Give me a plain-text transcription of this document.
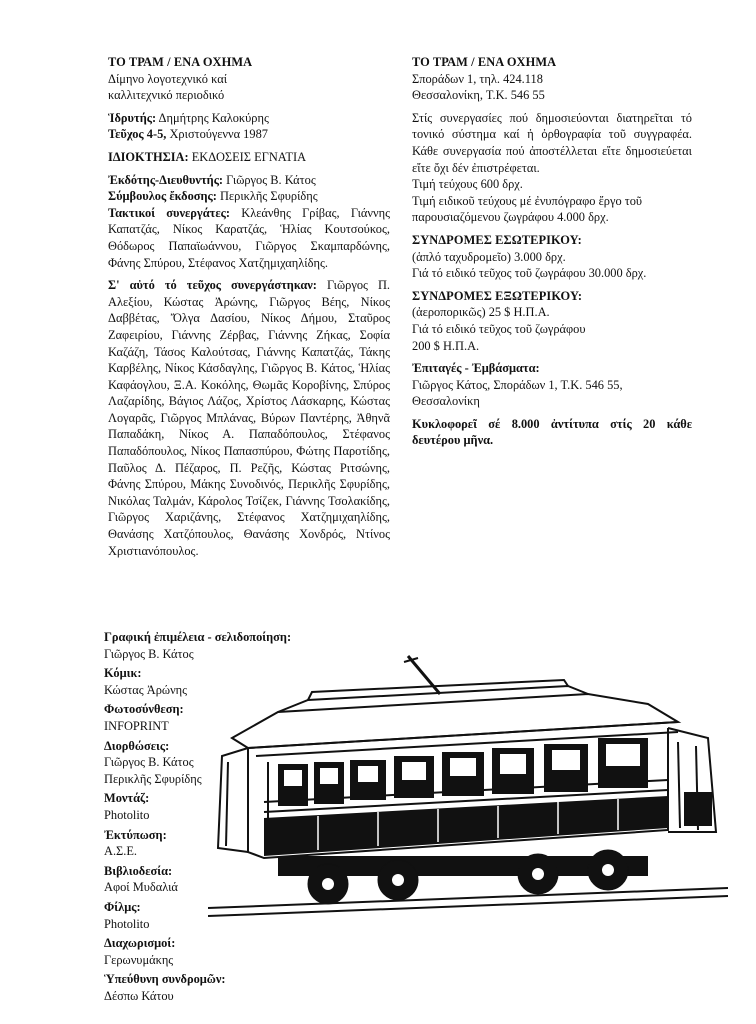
ΤΟ ΤΡΑΜ / ΕΝΑ ΟΧΗΜΑ

Δίμηνο λογοτεχνικό καί

καλλιτεχνικό περιοδικό

Ἱδρυτής: Δημήτρης Καλοκύρης

Τεῦχος 4-5, Χριστούγεννα 1987

ΙΔΙΟΚΤΗΣΙΑ: ΕΚΔΟΣΕΙΣ ΕΓΝΑΤΙΑ

Ἐκδότης-Διευθυντής: Γιῶργος Β. Κάτος

Σύμβουλος ἔκδοσης: Περικλῆς Σφυρίδης

Τακτικοί συνεργάτες: Κλεάνθης Γρίβας, Γιάννης Καπατζάς, Νίκος Καρατζάς, Ἡλίας Κουτσούκος, Θόδωρος Παπαϊωάννου, Γιῶργος Σκαμπαρδώνης, Φάνης Σπύρου, Στέφανος Χατζημιχαηλίδης.

Σ' αὐτό τό τεῦχος συνεργάστηκαν: Γιῶργος Π. Αλεξίου, Κώστας Ἀρώνης, Γιῶργος Βέης, Νίκος Δαββέτας, Ὄλγα Δασίου, Νίκος Δήμου, Σταῦρος Ζαφειρίου, Γιάννης Ζέρβας, Γιάννης Ζήκας, Σοφία Καζάζη, Τάσος Καλούτσας, Γιάννης Καπατζάς, Τάκης Καρβέλης, Νίκος Κάσδαγλης, Γιῶργος Β. Κάτος, Ἡλίας Καφάογλου, Ξ.Α. Κοκόλης, Θωμᾶς Κοροβίνης, Σπύρος Λαζαρίδης, Βάγιος Λάζος, Χρίστος Λάσκαρης, Κώστας Λογαρᾶς, Γιῶργος Μπλάνας, Βύρων Παντέρης, Ἀθηνᾶ Παπαδάκη, Νίκος Α. Παπαδόπουλος, Στέφανος Παπαδόπουλος, Νίκος Παπασπύρου, Φώτης Παροτίδης, Παῦλος Δ. Πέζαρος, Π. Ρεζῆς, Κώστας Ριτσώνης, Φάνης Σπύρου, Μάκης Συνοδινός, Περικλῆς Σφυρίδης, Νικόλας Ταλμάν, Κάρολος Τσίζεκ, Γιάννης Τσολακίδης, Γιῶργος Χαριζάνης, Στέφανος Χατζημιχαηλίδης, Θανάσης Χατζόπουλος, Θανάσης Χονδρός, Ντίνος Χριστιανόπουλος.

Γραφική ἐπιμέλεια - σελιδοποίηση:

Γιῶργος Β. Κάτος

Κόμικ:

Κώστας Ἀρώνης

Φωτοσύνθεση:

INFOPRINT

Διορθώσεις:

Γιῶργος Β. Κάτος

Περικλῆς Σφυρίδης

Μοντάζ:

Photolito

Ἐκτύπωση:

Α.Σ.Ε.

Βιβλιοδεσία:

Αφοί Μυδαλιά

Φίλμς:

Photolito

Διαχωρισμοί:

Γερωνυμάκης

Ὑπεύθυνη συνδρομῶν:

Δέσπω Κάτου

ΤΟ ΤΡΑΜ / ΕΝΑ ΟΧΗΜΑ

Σποράδων 1, τηλ. 424.118

Θεσσαλονίκη, Τ.Κ. 546 55

Στίς συνεργασίες πού δημοσιεύονται διατηρεῖται τό τονικό σύστημα καί ἡ ὀρθογραφία τοῦ συγγραφέα. Κάθε συνεργασία πού ἀποστέλλεται εἴτε δημοσιεύεται εἴτε ὄχι δέν ἐπιστρέφεται.

Τιμή τεύχους 600 δρχ.

Τιμή ειδικοῦ τεύχους μέ ἐνυπόγραφο ἔργο τοῦ παρουσιαζόμενου ζωγράφου 4.000 δρχ.

ΣΥΝΔΡΟΜΕΣ ΕΣΩΤΕΡΙΚΟΥ:

(ἁπλό ταχυδρομεῖο) 3.000 δρχ.

Γιά τό ειδικό τεῦχος τοῦ ζωγράφου 30.000 δρχ.

ΣΥΝΔΡΟΜΕΣ ΕΞΩΤΕΡΙΚΟΥ:

(ἀεροπορικῶς) 25 $ Η.Π.Α.

Γιά τό ειδικό τεῦχος τοῦ ζωγράφου

200 $ Η.Π.Α.

Ἐπιταγές - Ἐμβάσματα:

Γιῶργος Κάτος, Σποράδων 1, Τ.Κ. 546 55,

Θεσσαλονίκη

Κυκλοφορεῖ σέ 8.000 ἀντίτυπα στίς 20 κάθε δευτέρου μῆνα.
